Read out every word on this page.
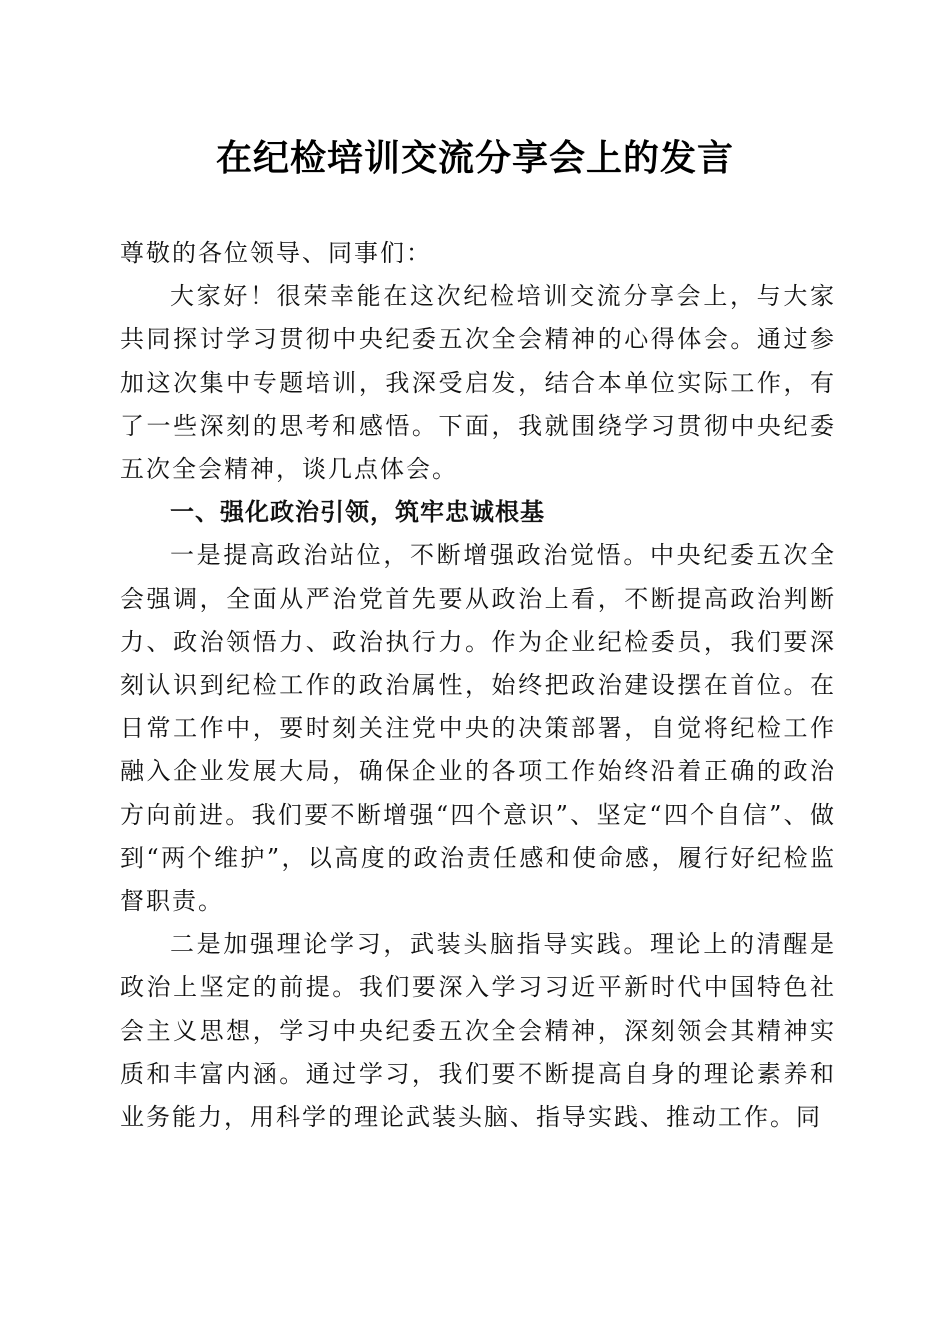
在纪检培训交流分享会上的发言

尊敬的各位领导、同事们：

大家好！很荣幸能在这次纪检培训交流分享会上，与大家共同探讨学习贯彻中央纪委五次全会精神的心得体会。通过参加这次集中专题培训，我深受启发，结合本单位实际工作，有了一些深刻的思考和感悟。下面，我就围绕学习贯彻中央纪委五次全会精神，谈几点体会。

一、强化政治引领，筑牢忠诚根基

一是提高政治站位，不断增强政治觉悟。中央纪委五次全会强调，全面从严治党首先要从政治上看，不断提高政治判断力、政治领悟力、政治执行力。作为企业纪检委员，我们要深刻认识到纪检工作的政治属性，始终把政治建设摆在首位。在日常工作中，要时刻关注党中央的决策部署，自觉将纪检工作融入企业发展大局，确保企业的各项工作始终沿着正确的政治方向前进。我们要不断增强“四个意识”、坚定“四个自信”、做到“两个维护”，以高度的政治责任感和使命感，履行好纪检监督职责。

二是加强理论学习，武装头脑指导实践。理论上的清醒是政治上坚定的前提。我们要深入学习习近平新时代中国特色社会主义思想，学习中央纪委五次全会精神，深刻领会其精神实质和丰富内涵。通过学习，我们要不断提高自身的理论素养和业务能力，用科学的理论武装头脑、指导实践、推动工作。同
